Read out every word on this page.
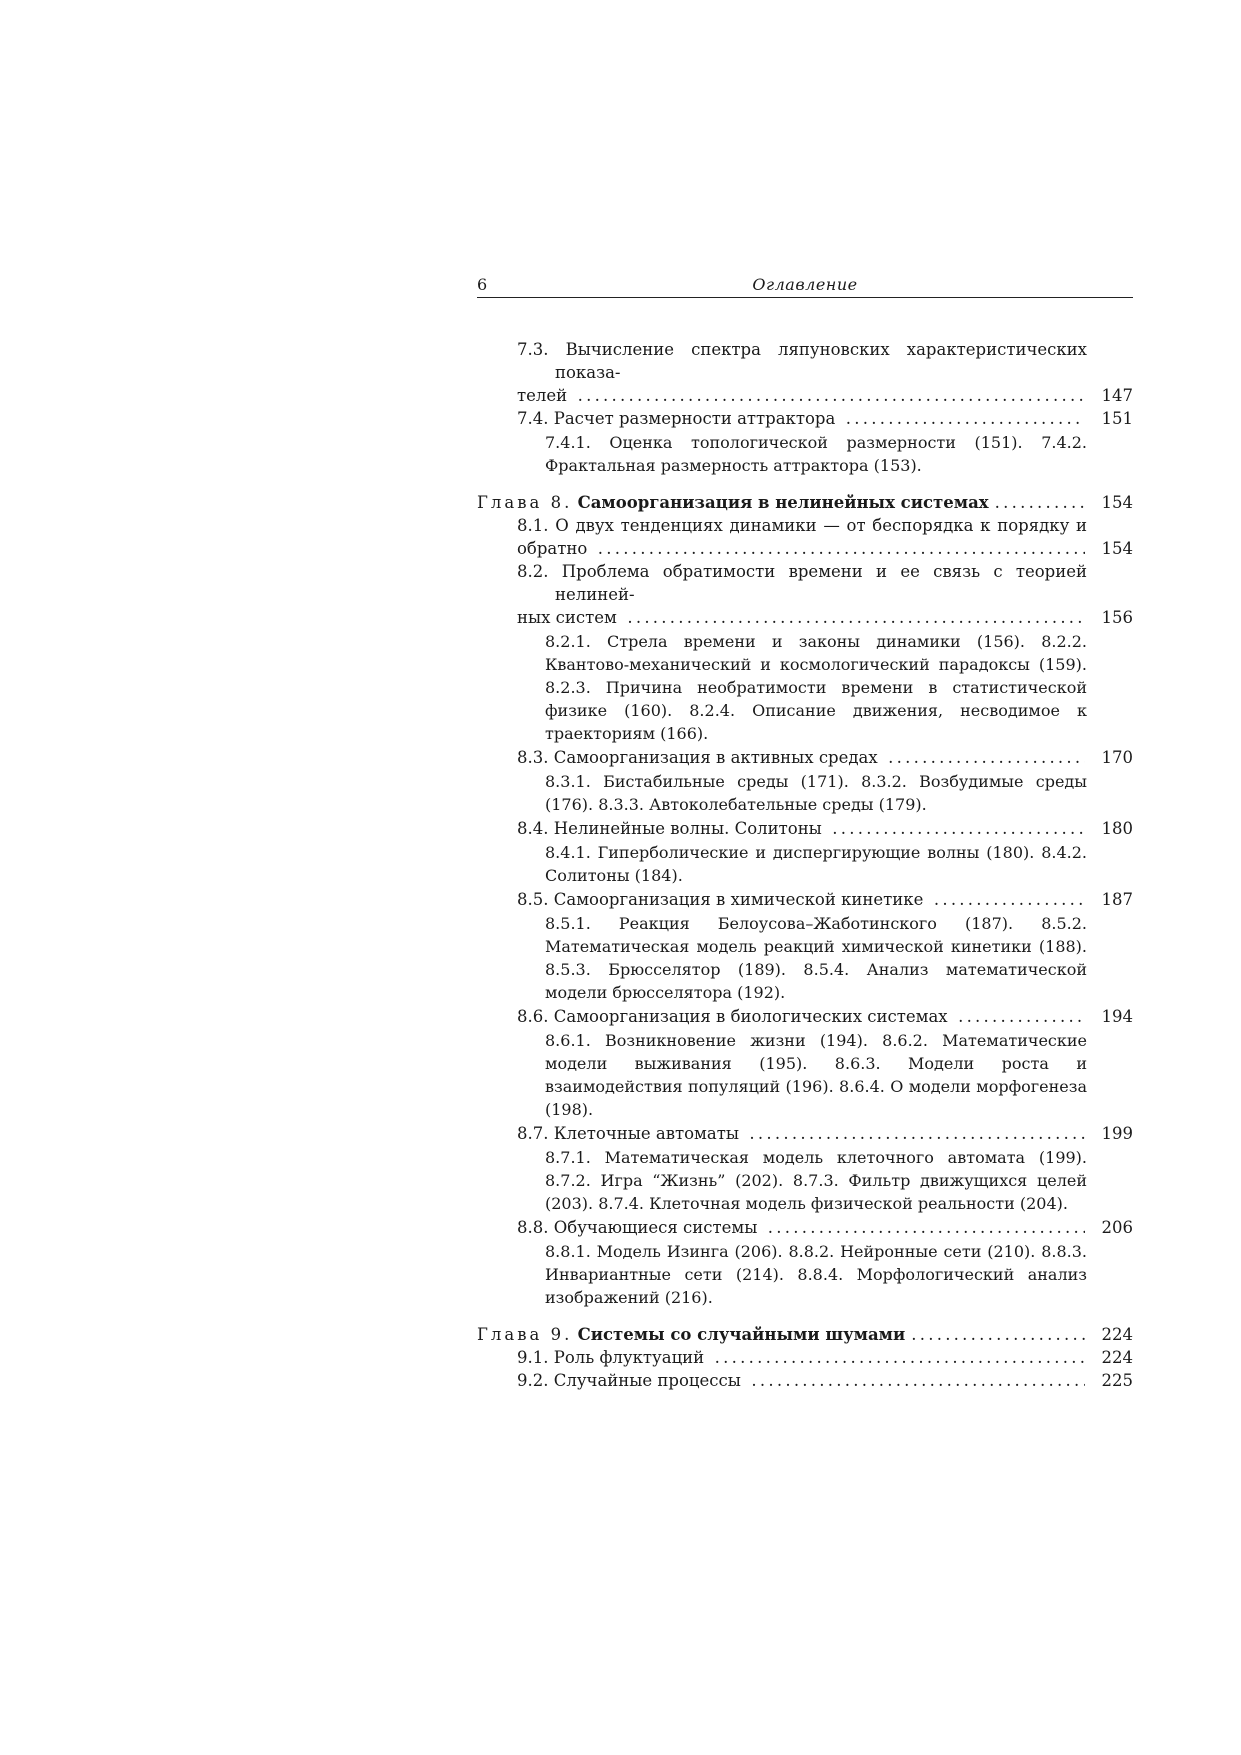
6	Оглавление
7.3. Вычисление спектра ляпуновских характеристических показа-
телей . . .	147
7.4. Расчет размерности аттрактора . . .	151
7.4.1. Оценка топологической размерности (151). 7.4.2. Фрактальная размерность аттрактора (153).
Глава 8. Самоорганизация в нелинейных системах . . .	154
8.1. О двух тенденциях динамики — от беспорядка к порядку и
обратно . . .	154
8.2. Проблема обратимости времени и ее связь с теорией нелиней-
ных систем . . .	156
8.2.1. Стрела времени и законы динамики (156). 8.2.2. Квантово-механический и космологический парадоксы (159). 8.2.3. Причина необратимости времени в статистической физике (160). 8.2.4. Описание движения, несводимое к траекториям (166).
8.3. Самоорганизация в активных средах . . .	170
8.3.1. Бистабильные среды (171). 8.3.2. Возбудимые среды (176). 8.3.3. Автоколебательные среды (179).
8.4. Нелинейные волны. Солитоны . . .	180
8.4.1. Гиперболические и диспергирующие волны (180). 8.4.2. Солитоны (184).
8.5. Самоорганизация в химической кинетике . . .	187
8.5.1. Реакция Белоусова–Жаботинского (187). 8.5.2. Математическая модель реакций химической кинетики (188). 8.5.3. Брюсселятор (189). 8.5.4. Анализ математической модели брюсселятора (192).
8.6. Самоорганизация в биологических системах . . .	194
8.6.1. Возникновение жизни (194). 8.6.2. Математические модели выживания (195). 8.6.3. Модели роста и взаимодействия популяций (196). 8.6.4. О модели морфогенеза (198).
8.7. Клеточные автоматы . . .	199
8.7.1. Математическая модель клеточного автомата (199). 8.7.2. Игра “Жизнь” (202). 8.7.3. Фильтр движущихся целей (203). 8.7.4. Клеточная модель физической реальности (204).
8.8. Обучающиеся системы . . .	206
8.8.1. Модель Изинга (206). 8.8.2. Нейронные сети (210). 8.8.3. Инвариантные сети (214). 8.8.4. Морфологический анализ изображений (216).
Глава 9. Системы со случайными шумами . . .	224
9.1. Роль флуктуаций . . .	224
9.2. Случайные процессы . . .	225
